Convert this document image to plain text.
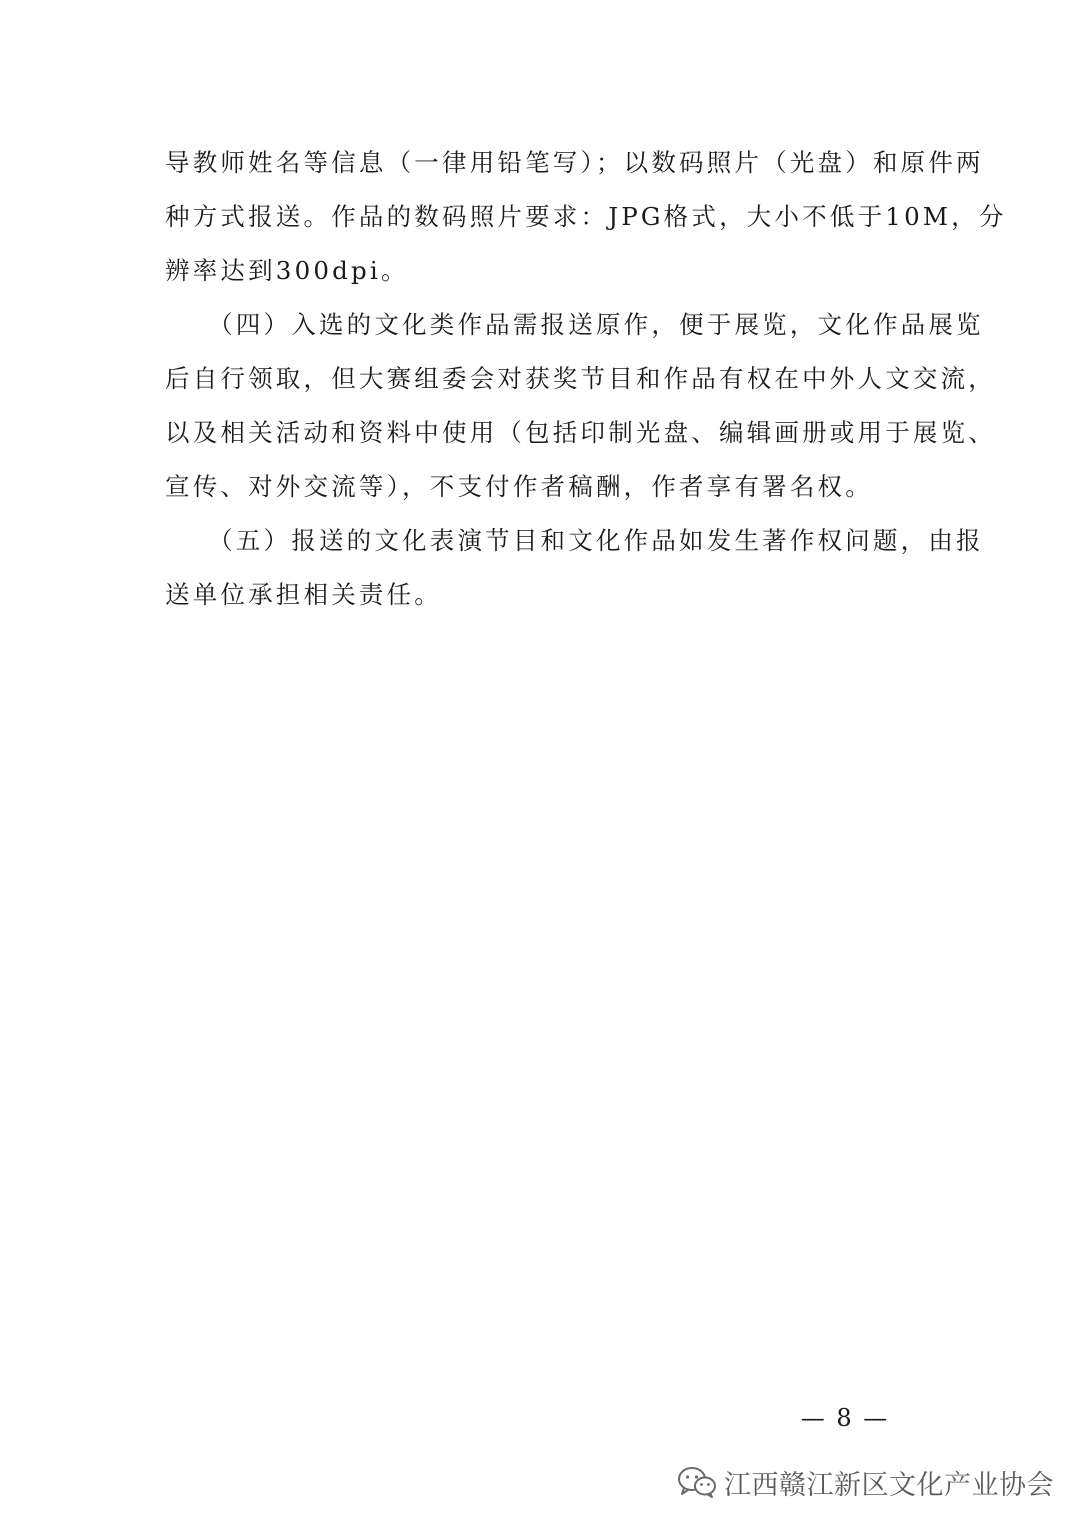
导教师姓名等信息（一律用铅笔写）；以数码照片（光盘）和原件两
种方式报送。作品的数码照片要求：JPG格式，大小不低于10M，分
辨率达到300dpi。
　　（四）入选的文化类作品需报送原作，便于展览，文化作品展览
后自行领取，但大赛组委会对获奖节目和作品有权在中外人文交流，
以及相关活动和资料中使用（包括印制光盘、编辑画册或用于展览、
宣传、对外交流等），不支付作者稿酬，作者享有署名权。
　　（五）报送的文化表演节目和文化作品如发生著作权问题，由报
送单位承担相关责任。
— 8 —
江西赣江新区文化产业协会
